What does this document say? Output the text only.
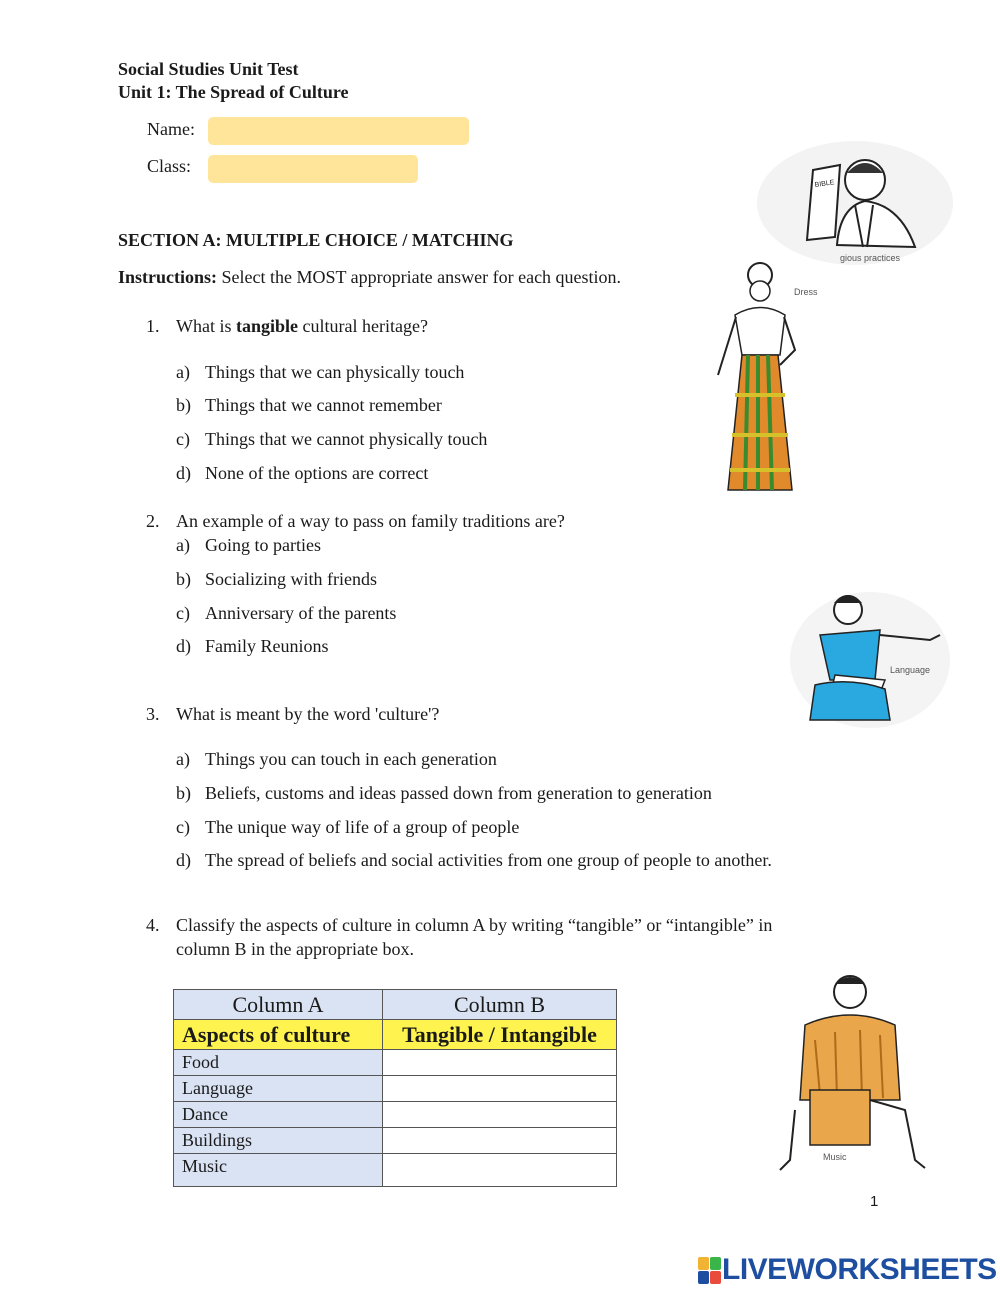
Social Studies Unit Test
Unit 1: The Spread of Culture
Name:
Class:
SECTION A: MULTIPLE CHOICE / MATCHING
Instructions: Select the MOST appropriate answer for each question.
1. What is tangible cultural heritage?
a) Things that we can physically touch
b) Things that we cannot remember
c) Things that we cannot physically touch
d) None of the options are correct
2. An example of a way to pass on family traditions are?
a) Going to parties
b) Socializing with friends
c) Anniversary of the parents
d) Family Reunions
3. What is meant by the word 'culture'?
a) Things you can touch in each generation
b) Beliefs, customs and ideas passed down from generation to generation
c) The unique way of life of a group of people
d) The spread of beliefs and social activities from one group of people to another.
4. Classify the aspects of culture in column A by writing “tangible” or “intangible” in
column B in the appropriate box.
Column A	Column B
Aspects of culture	Tangible / Intangible
Food	
Language	
Dance	
Buildings	
Music	
1
BIBLE
gious practices
Dress
Language
Music
LIVEWORKSHEETS
